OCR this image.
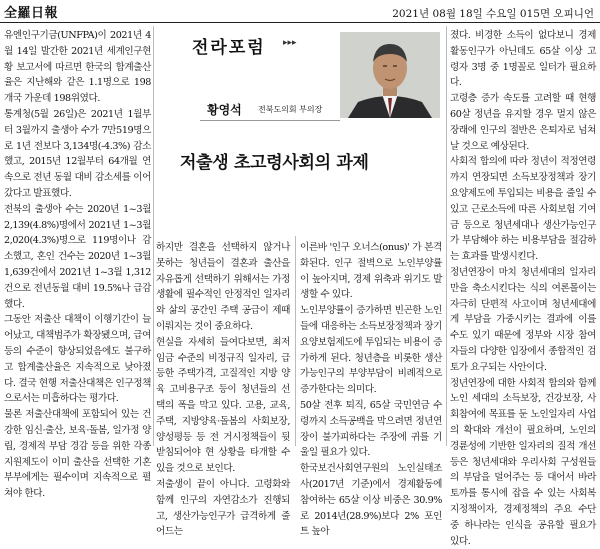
全羅日報	2021년 08월 18일 수요일 015면 오피니언

유엔인구기금(UNFPA)이 2021년 4월 14일 발간한 2021년 세계인구현황 보고서에 따르면 한국의 합계출산율은 지난해와 같은 1.1명으로 198개국 가운데 198위였다.

통계청(5월 26일)은 2021년 1월부터 3월까지 출생아 수가 7만519명으로 1년 전보다 3,134명(-4.3%) 감소했고, 2015년 12월부터 64개월 연속으로 전년 동월 대비 감소세를 이어갔다고 발표했다.

전북의 출생아 수는 2020년 1~3월 2,139(4.8%)명에서 2021년 1~3월 2,020(4.3%)명으로 119명이나 감소했고, 혼인 건수는 2020년 1~3월 1,639건에서 2021년 1~3월 1,312건으로 전년동월 대비 19.5%나 급감했다.

그동안 저출산 대책이 이행기간이 늘어났고, 대책범주가 확장됐으며, 급여 등의 수준이 향상되었음에도 불구하고 합계출산율은 지속적으로 낮아졌다. 결국 현행 저출산대책은 인구정책으로서는 미흡하다는 평가다.

물론 저출산대책에 포함되어 있는 건강한 임신·출산, 보육·돌봄, 일가정 양립, 경제적 부담 경감 등을 위한 각종 지원제도이 이미 출산을 선택한 기혼부부에게는 필수이며 지속적으로 펼쳐야 한다.

전라포럼 ▸▸▸
황영석 전북도의회 부의장
저출생 초고령사회의 과제

하지만 결혼을 선택하지 않거나 못하는 청년들이 결혼과 출산을 자유롭게 선택하기 위해서는 가정생활에 필수적인 안정적인 일자리와 삶의 공간인 주택 공급이 제때 이뤄지는 것이 중요하다.

현실을 자세히 들여다보면, 최저임금 수준의 비정규직 일자리, 급등한 주택가격, 고질적인 지방 양육 고비용구조 등이 청년들의 선택의 폭을 막고 있다. 고용, 교육, 주택, 지방양육·돌봄의 사회보장, 양성평등 등 전 거시정책들이 뒷받침되어야 현 상황을 타개할 수 있을 것으로 보인다.

저출생이 끝이 아니다. 고령화와 함께 인구의 자연감소가 진행되고, 생산가능인구가 급격하게 줄어드는

이른바 '인구 오너스(onus)' 가 본격화된다. 인구 절벽으로 노인부양률이 높아지며, 경제 위축과 위기도 발생할 수 있다.

노인부양률이 증가하면 빈곤한 노인들에 대응하는 소득보장정책과 장기요양보험제도에 투입되는 비용이 증가하게 된다. 청년층을 비롯한 생산가능인구의 부양부담이 비례적으로 증가한다는 의미다.

50살 전후 퇴직, 65살 국민연금 수령까지 소득공백을 막으려면 정년연장이 불가피하다는 주장에 귀를 기울일 필요가 있다.

한국보건사회연구원의 노인실태조사(2017년 기준)에서 경제활동에 참여하는 65살 이상 비중은 30.9%로 2014년(28.9%)보다 2% 포인트 높아

졌다. 비경한 소득이 없다보니 경제활동인구가 아닌데도 65살 이상 고령자 3명 중 1명꼴로 일터가 필요하다.

고령층 증가 속도를 고려할 때 현행 60살 정년을 유지할 경우 멀지 않은 장래에 인구의 절반은 은퇴자로 넘쳐날 것으로 예상된다.

사회적 합의에 따라 정년이 적정연령까지 연장되면 소득보장정책과 장기요양제도에 투입되는 비용을 줄일 수 있고 근로소득에 따른 사회보험 기여금 등으로 청년세대나 생산가능인구가 부담해야 하는 비용부담을 절감하는 효과를 발생시킨다.

정년연장이 마치 청년세대의 일자리만을 축소시킨다는 식의 여론몰이는 자극히 단편적 사고이며 청년세대에게 부담을 가중시키는 결과에 이를 수도 있기 때문에 정부와 시장 참여자들의 다양한 입장에서 종합적인 검토가 요구되는 사안이다.

정년연장에 대한 사회적 합의와 함께 노인 세대의 소득보장, 건강보장, 사회참여에 목표를 둔 노인일자리 사업의 확대와 개선이 필요하며, 노인의 경륜성에 기반한 일자리의 질적 개선 등은 청년세대와 우리사회 구성원들의 부담을 덜어주는 등 대어서 바라 토까를 통시에 잡을 수 있는 사회복지정책이자, 경제정책의 주요 수단 중 하나라는 인식을 공유할 필요가 있다.
